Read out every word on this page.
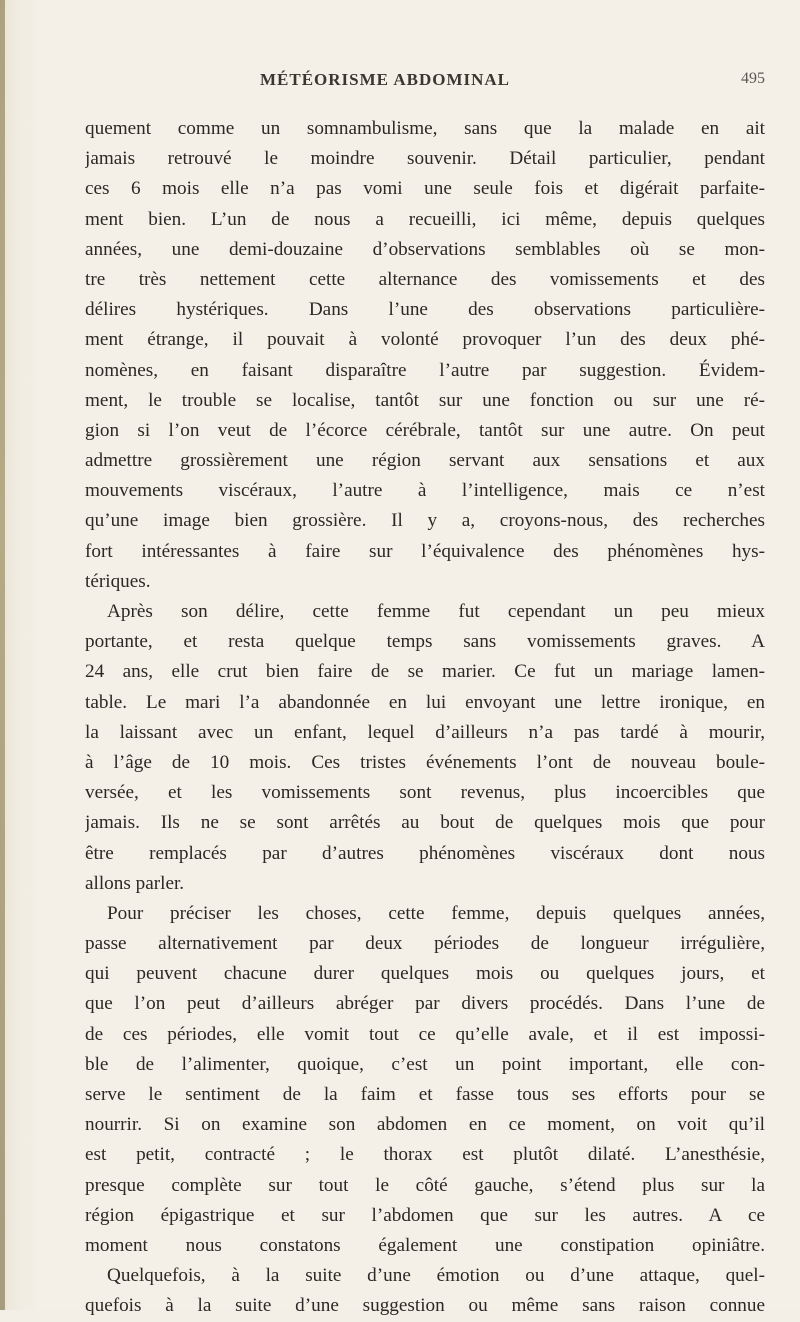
MÉTÉORISME ABDOMINAL	495
quement comme un somnambulisme, sans que la malade en ait
jamais retrouvé le moindre souvenir. Détail particulier, pendant
ces 6 mois elle n’a pas vomi une seule fois et digérait parfaite-
ment bien. L’un de nous a recueilli, ici même, depuis quelques
années, une demi-douzaine d’observations semblables où se mon-
tre très nettement cette alternance des vomissements et des
délires hystériques. Dans l’une des observations particulière-
ment étrange, il pouvait à volonté provoquer l’un des deux phé-
nomènes, en faisant disparaître l’autre par suggestion. Évidem-
ment, le trouble se localise, tantôt sur une fonction ou sur une ré-
gion si l’on veut de l’écorce cérébrale, tantôt sur une autre. On peut
admettre grossièrement une région servant aux sensations et aux
mouvements viscéraux, l’autre à l’intelligence, mais ce n’est
qu’une image bien grossière. Il y a, croyons-nous, des recherches
fort intéressantes à faire sur l’équivalence des phénomènes hys-
tériques.
Après son délire, cette femme fut cependant un peu mieux
portante, et resta quelque temps sans vomissements graves. A
24 ans, elle crut bien faire de se marier. Ce fut un mariage lamen-
table. Le mari l’a abandonnée en lui envoyant une lettre ironique, en
la laissant avec un enfant, lequel d’ailleurs n’a pas tardé à mourir,
à l’âge de 10 mois. Ces tristes événements l’ont de nouveau boule-
versée, et les vomissements sont revenus, plus incoercibles que
jamais. Ils ne se sont arrêtés au bout de quelques mois que pour
être remplacés par d’autres phénomènes viscéraux dont nous
allons parler.
Pour préciser les choses, cette femme, depuis quelques années,
passe alternativement par deux périodes de longueur irrégulière,
qui peuvent chacune durer quelques mois ou quelques jours, et
que l’on peut d’ailleurs abréger par divers procédés. Dans l’une de
de ces périodes, elle vomit tout ce qu’elle avale, et il est impossi-
ble de l’alimenter, quoique, c’est un point important, elle con-
serve le sentiment de la faim et fasse tous ses efforts pour se
nourrir. Si on examine son abdomen en ce moment, on voit qu’il
est petit, contracté ; le thorax est plutôt dilaté. L’anesthésie,
presque complète sur tout le côté gauche, s’étend plus sur la
région épigastrique et sur l’abdomen que sur les autres. A ce
moment nous constatons également une constipation opiniâtre.
Quelquefois, à la suite d’une émotion ou d’une attaque, quel-
quefois à la suite d’une suggestion ou même sans raison connue
